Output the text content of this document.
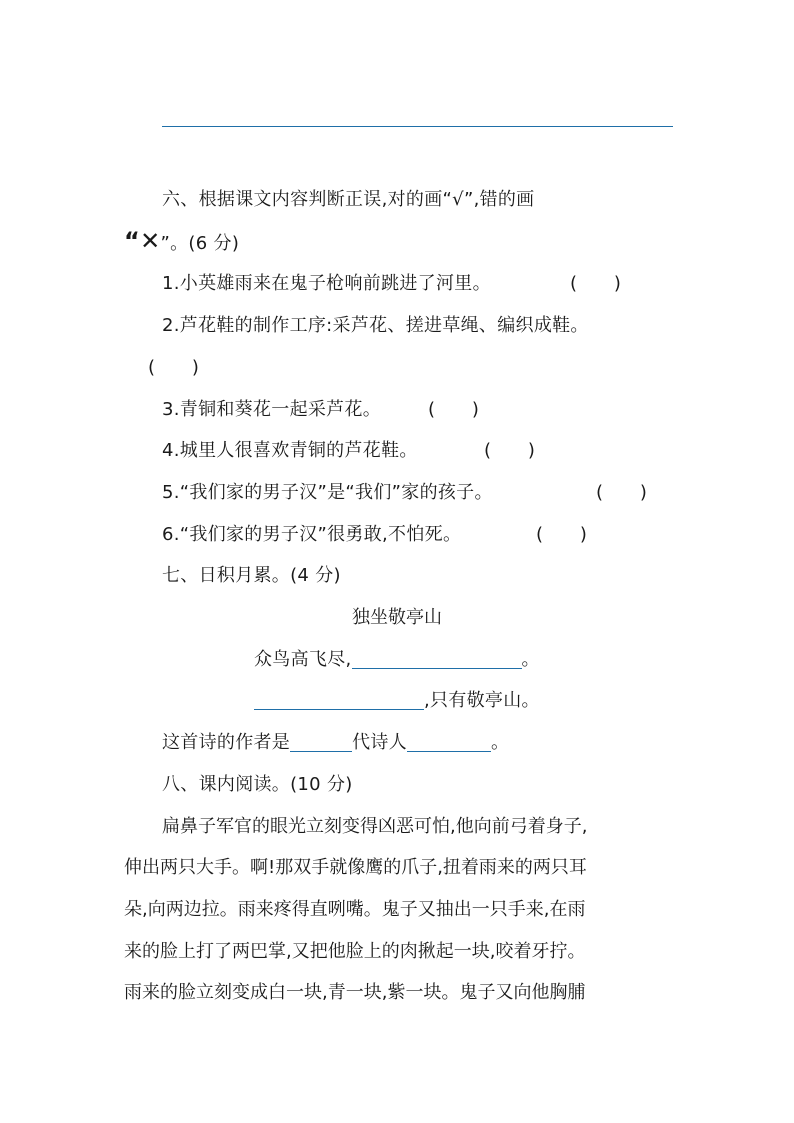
六、根据课文内容判断正误,对的画“√”,错的画
“✕”。(6 分)
1.小英雄雨来在鬼子枪响前跳进了河里。	(　　)
2.芦花鞋的制作工序:采芦花、搓进草绳、编织成鞋。
(　　)
3.青铜和葵花一起采芦花。	(　　)
4.城里人很喜欢青铜的芦花鞋。	(　　)
5.“我们家的男子汉”是“我们”家的孩子。	(　　)
6.“我们家的男子汉”很勇敢,不怕死。	(　　)
七、日积月累。(4 分)
独坐敬亭山
众鸟高飞尽,	。
,只有敬亭山。
这首诗的作者是	代诗人	。
八、课内阅读。(10 分)
扁鼻子军官的眼光立刻变得凶恶可怕,他向前弓着身子,
伸出两只大手。啊!那双手就像鹰的爪子,扭着雨来的两只耳
朵,向两边拉。雨来疼得直咧嘴。鬼子又抽出一只手来,在雨
来的脸上打了两巴掌,又把他脸上的肉揪起一块,咬着牙拧。
雨来的脸立刻变成白一块,青一块,紫一块。鬼子又向他胸脯
